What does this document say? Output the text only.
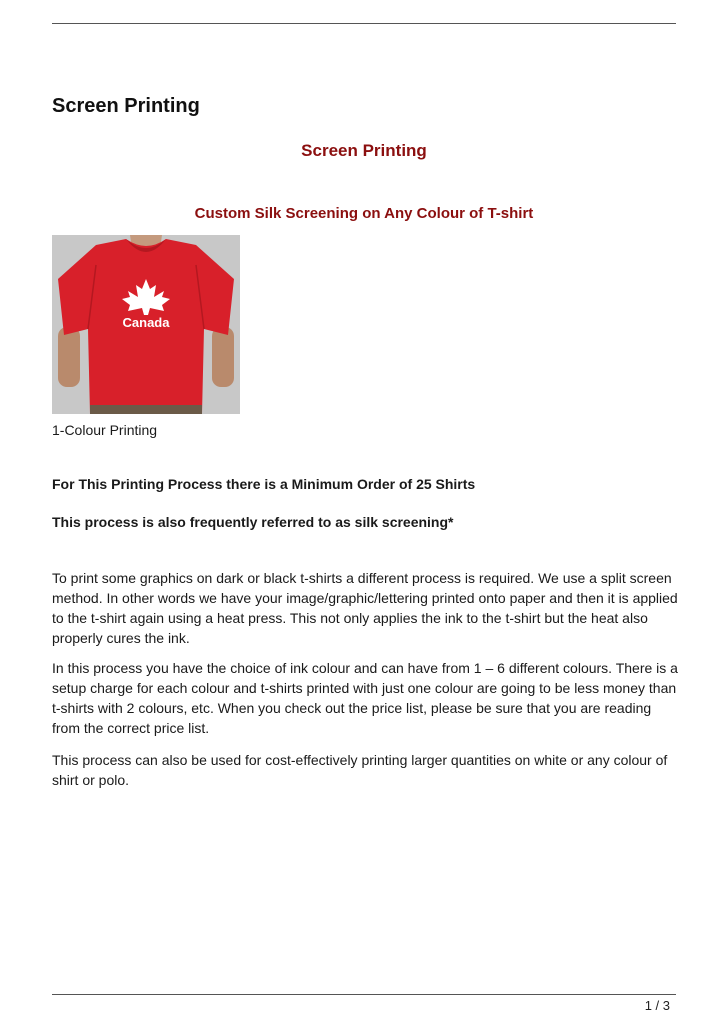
Screen Printing
Screen Printing
Custom Silk Screening on Any Colour of T-shirt
Canada

1-Colour Printing

For This Printing Process there is a Minimum Order of 25 Shirts

This process is also frequently referred to as silk screening*

To print some graphics on dark or black t-shirts a different process is required. We use a split screen method. In other words we have your image/graphic/lettering printed onto paper and then it is applied to the t-shirt again using a heat press. This not only applies the ink to the t-shirt but the heat also properly cures the ink.

In this process you have the choice of ink colour and can have from 1 – 6 different colours. There is a setup charge for each colour and t-shirts printed with just one colour are going to be less money than t-shirts with 2 colours, etc. When you check out the price list, please be sure that you are reading from the correct price list.

This process can also be used for cost-effectively printing larger quantities on white or any colour of shirt or polo.

1 / 3
